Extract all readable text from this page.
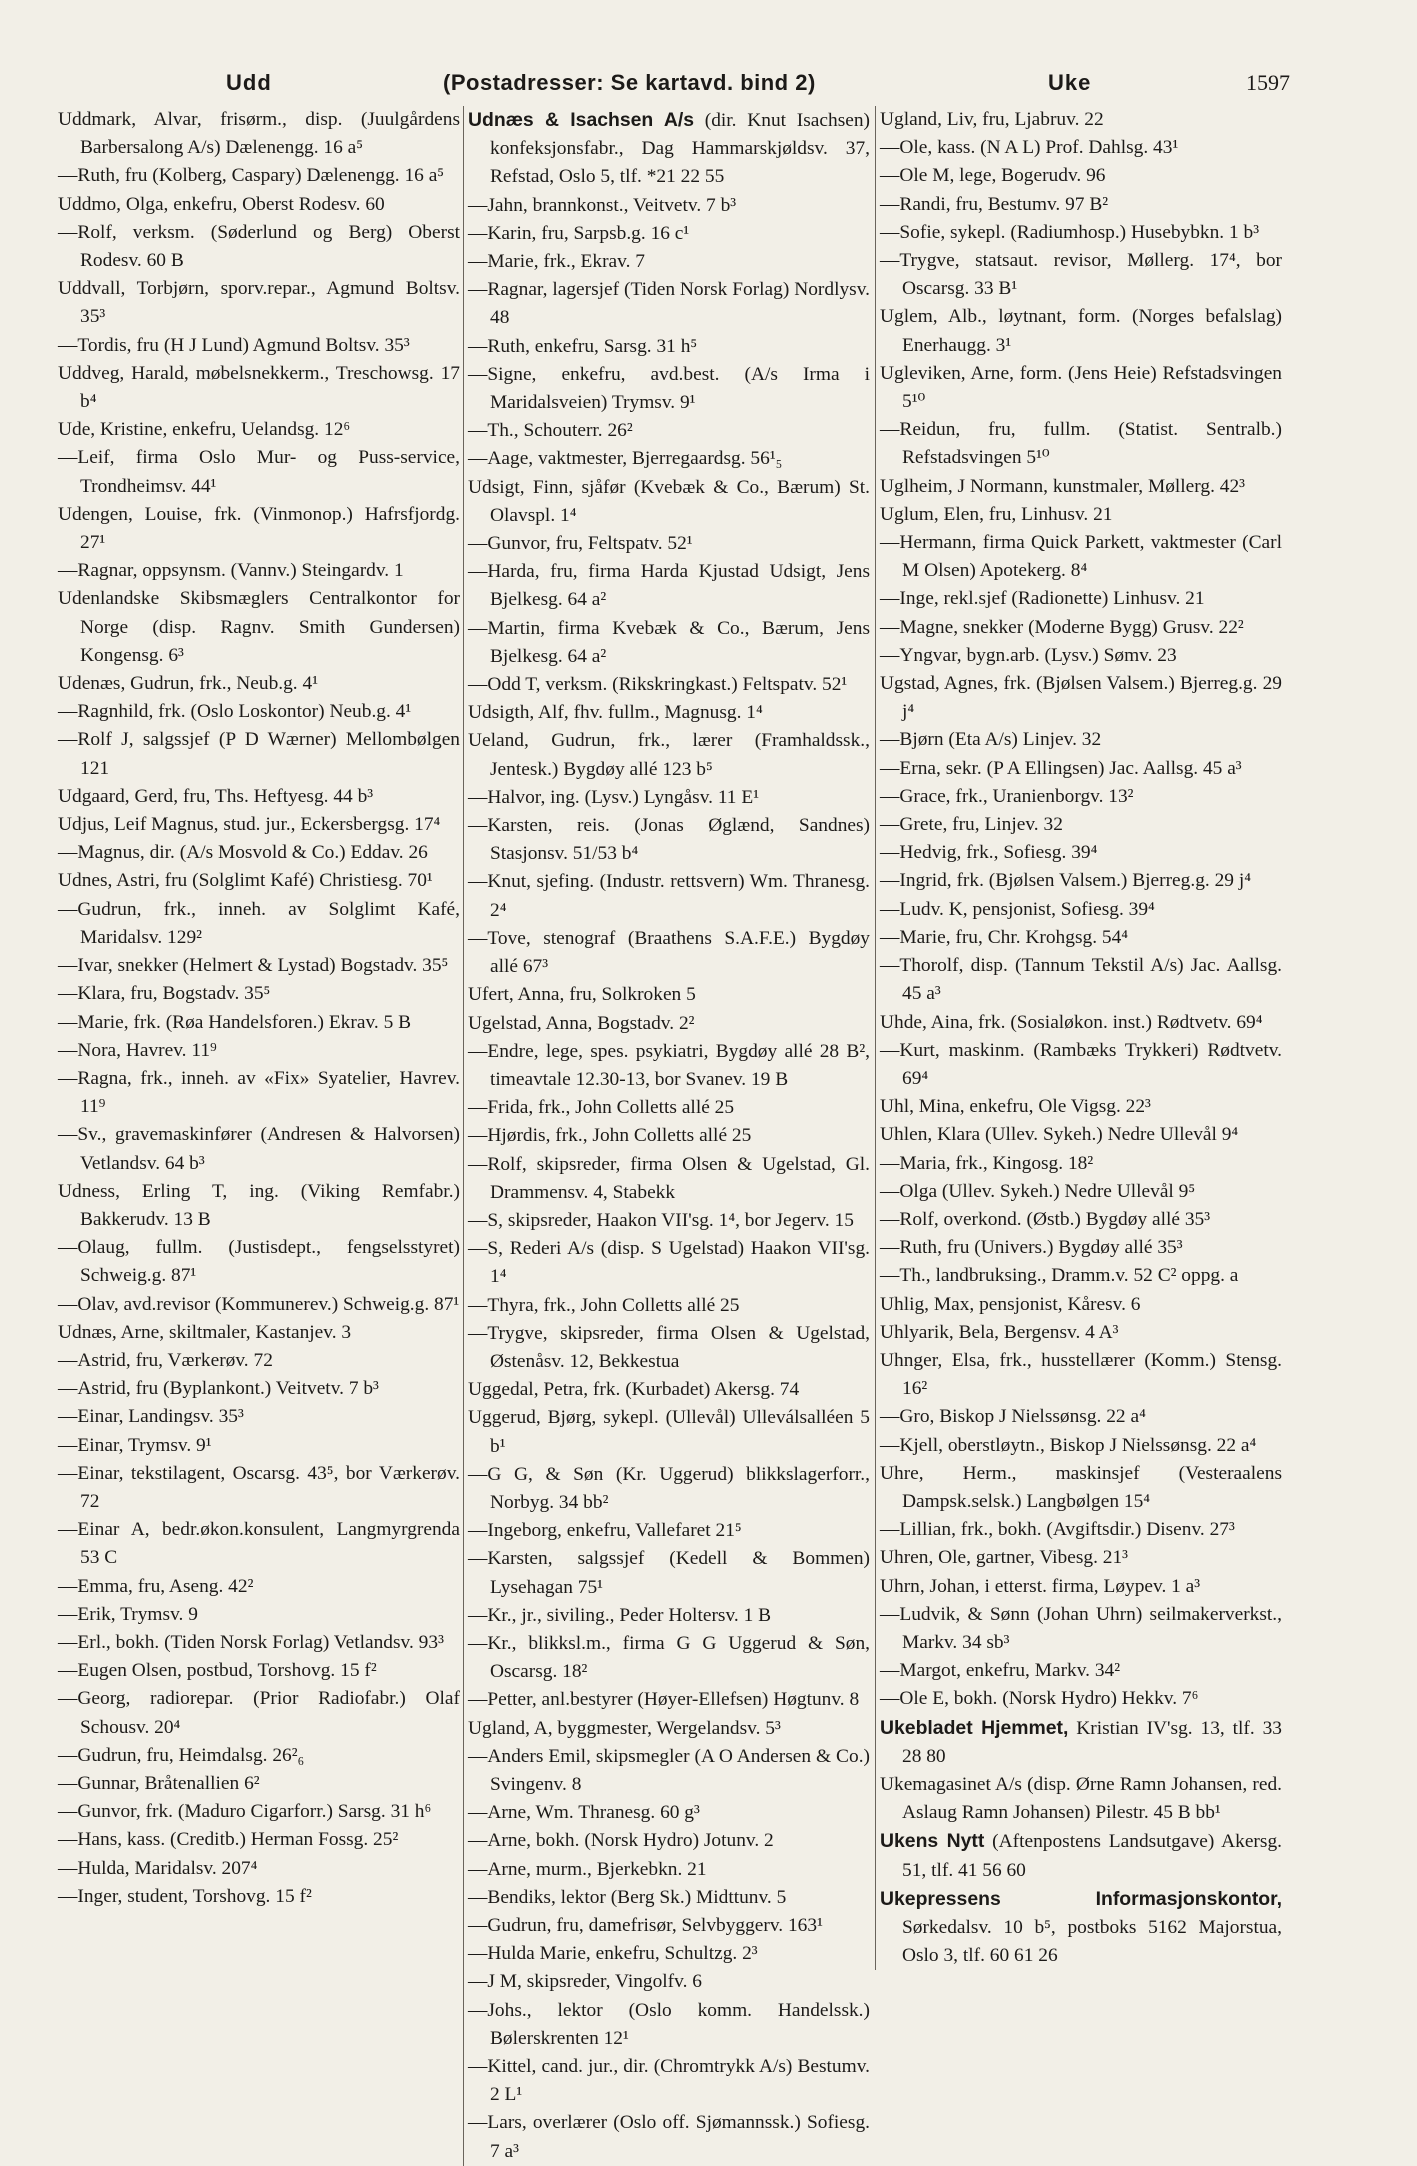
Udd	(Postadresser: Se kartavd. bind 2)	Uke	1597

Uddmark, Alvar, frisørm., disp. (Juulgårdens Barbersalong A/s) Dælenengg. 16 a⁵

—Ruth, fru (Kolberg, Caspary) Dælenengg. 16 a⁵

Uddmo, Olga, enkefru, Oberst Rodesv. 60

—Rolf, verksm. (Søderlund og Berg) Oberst Rodesv. 60 B

Uddvall, Torbjørn, sporv.repar., Agmund Boltsv. 35³

—Tordis, fru (H J Lund) Agmund Boltsv. 35³

Uddveg, Harald, møbelsnekkerm., Treschowsg. 17 b⁴

Ude, Kristine, enkefru, Uelandsg. 12⁶

—Leif, firma Oslo Mur- og Puss-service, Trondheimsv. 44¹

Udengen, Louise, frk. (Vinmonop.) Hafrsfjordg. 27¹

—Ragnar, oppsynsm. (Vannv.) Steingardv. 1

Udenlandske Skibsmæglers Centralkontor for Norge (disp. Ragnv. Smith Gundersen) Kongensg. 6³

Udenæs, Gudrun, frk., Neub.g. 4¹

—Ragnhild, frk. (Oslo Loskontor) Neub.g. 4¹

—Rolf J, salgssjef (P D Wærner) Mellombølgen 121

Udgaard, Gerd, fru, Ths. Heftyesg. 44 b³

Udjus, Leif Magnus, stud. jur., Eckersbergsg. 17⁴

—Magnus, dir. (A/s Mosvold & Co.) Eddav. 26

Udnes, Astri, fru (Solglimt Kafé) Christiesg. 70¹

—Gudrun, frk., inneh. av Solglimt Kafé, Maridalsv. 129²

—Ivar, snekker (Helmert & Lystad) Bogstadv. 35⁵

—Klara, fru, Bogstadv. 35⁵

—Marie, frk. (Røa Handelsforen.) Ekrav. 5 B

—Nora, Havrev. 11⁹

—Ragna, frk., inneh. av «Fix» Syatelier, Havrev. 11⁹

—Sv., gravemaskinfører (Andresen & Halvorsen) Vetlandsv. 64 b³

Udness, Erling T, ing. (Viking Remfabr.) Bakkerudv. 13 B

—Olaug, fullm. (Justisdept., fengselsstyret) Schweig.g. 87¹

—Olav, avd.revisor (Kommunerev.) Schweig.g. 87¹

Udnæs, Arne, skiltmaler, Kastanjev. 3

—Astrid, fru, Værkerøv. 72

—Astrid, fru (Byplankont.) Veitvetv. 7 b³

—Einar, Landingsv. 35³

—Einar, Trymsv. 9¹

—Einar, tekstilagent, Oscarsg. 43⁵, bor Værkerøv. 72

—Einar A, bedr.økon.konsulent, Langmyrgrenda 53 C

—Emma, fru, Aseng. 42²

—Erik, Trymsv. 9

—Erl., bokh. (Tiden Norsk Forlag) Vetlandsv. 93³

—Eugen Olsen, postbud, Torshovg. 15 f²

—Georg, radiorepar. (Prior Radiofabr.) Olaf Schousv. 20⁴

—Gudrun, fru, Heimdalsg. 26²₆

—Gunnar, Bråtenallien 6²

—Gunvor, frk. (Maduro Cigarforr.) Sarsg. 31 h⁶

—Hans, kass. (Creditb.) Herman Fossg. 25²

—Hulda, Maridalsv. 207⁴

—Inger, student, Torshovg. 15 f²

Udnæs & Isachsen A/s (dir. Knut Isachsen) konfeksjonsfabr., Dag Hammarskjøldsv. 37, Refstad, Oslo 5, tlf. *21 22 55

—Jahn, brannkonst., Veitvetv. 7 b³

—Karin, fru, Sarpsb.g. 16 c¹

—Marie, frk., Ekrav. 7

—Ragnar, lagersjef (Tiden Norsk Forlag) Nordlysv. 48

—Ruth, enkefru, Sarsg. 31 h⁵

—Signe, enkefru, avd.best. (A/s Irma i Maridalsveien) Trymsv. 9¹

—Th., Schouterr. 26²

—Aage, vaktmester, Bjerregaardsg. 56¹₅

Udsigt, Finn, sjåfør (Kvebæk & Co., Bærum) St. Olavspl. 1⁴

—Gunvor, fru, Feltspatv. 52¹

—Harda, fru, firma Harda Kjustad Udsigt, Jens Bjelkesg. 64 a²

—Martin, firma Kvebæk & Co., Bærum, Jens Bjelkesg. 64 a²

—Odd T, verksm. (Rikskringkast.) Feltspatv. 52¹

Udsigth, Alf, fhv. fullm., Magnusg. 1⁴

Ueland, Gudrun, frk., lærer (Framhaldssk., Jentesk.) Bygdøy allé 123 b⁵

—Halvor, ing. (Lysv.) Lyngåsv. 11 E¹

—Karsten, reis. (Jonas Øglænd, Sandnes) Stasjonsv. 51/53 b⁴

—Knut, sjefing. (Industr. rettsvern) Wm. Thranesg. 2⁴

—Tove, stenograf (Braathens S.A.F.E.) Bygdøy allé 67³

Ufert, Anna, fru, Solkroken 5

Ugelstad, Anna, Bogstadv. 2²

—Endre, lege, spes. psykiatri, Bygdøy allé 28 B², timeavtale 12.30-13, bor Svanev. 19 B

—Frida, frk., John Colletts allé 25

—Hjørdis, frk., John Colletts allé 25

—Rolf, skipsreder, firma Olsen & Ugelstad, Gl. Drammensv. 4, Stabekk

—S, skipsreder, Haakon VII'sg. 1⁴, bor Jegerv. 15

—S, Rederi A/s (disp. S Ugelstad) Haakon VII'sg. 1⁴

—Thyra, frk., John Colletts allé 25

—Trygve, skipsreder, firma Olsen & Ugelstad, Østenåsv. 12, Bekkestua

Uggedal, Petra, frk. (Kurbadet) Akersg. 74

Uggerud, Bjørg, sykepl. (Ullevål) Ulleválsalléen 5 b¹

—G G, & Søn (Kr. Uggerud) blikkslagerforr., Norbyg. 34 bb²

—Ingeborg, enkefru, Vallefaret 21⁵

—Karsten, salgssjef (Kedell & Bommen) Lysehagan 75¹

—Kr., jr., siviling., Peder Holtersv. 1 B

—Kr., blikksl.m., firma G G Uggerud & Søn, Oscarsg. 18²

—Petter, anl.bestyrer (Høyer-Ellefsen) Høgtunv. 8

Ugland, A, byggmester, Wergelandsv. 5³

—Anders Emil, skipsmegler (A O Andersen & Co.) Svingenv. 8

—Arne, Wm. Thranesg. 60 g³

—Arne, bokh. (Norsk Hydro) Jotunv. 2

—Arne, murm., Bjerkebkn. 21

—Bendiks, lektor (Berg Sk.) Midttunv. 5

—Gudrun, fru, damefrisør, Selvbyggerv. 163¹

—Hulda Marie, enkefru, Schultzg. 2³

—J M, skipsreder, Vingolfv. 6

—Johs., lektor (Oslo komm. Handelssk.) Bølerskrenten 12¹

—Kittel, cand. jur., dir. (Chromtrykk A/s) Bestumv. 2 L¹

—Lars, overlærer (Oslo off. Sjømannssk.) Sofiesg. 7 a³

Ugland, Liv, fru, Ljabruv. 22

—Ole, kass. (N A L) Prof. Dahlsg. 43¹

—Ole M, lege, Bogerudv. 96

—Randi, fru, Bestumv. 97 B²

—Sofie, sykepl. (Radiumhosp.) Husebybkn. 1 b³

—Trygve, statsaut. revisor, Møllerg. 17⁴, bor Oscarsg. 33 B¹

Uglem, Alb., løytnant, form. (Norges befalslag) Enerhaugg. 3¹

Ugleviken, Arne, form. (Jens Heie) Refstadsvingen 5¹⁰

—Reidun, fru, fullm. (Statist. Sentralb.) Refstadsvingen 5¹⁰

Uglheim, J Normann, kunstmaler, Møllerg. 42³

Uglum, Elen, fru, Linhusv. 21

—Hermann, firma Quick Parkett, vaktmester (Carl M Olsen) Apotekerg. 8⁴

—Inge, rekl.sjef (Radionette) Linhusv. 21

—Magne, snekker (Moderne Bygg) Grusv. 22²

—Yngvar, bygn.arb. (Lysv.) Sømv. 23

Ugstad, Agnes, frk. (Bjølsen Valsem.) Bjerreg.g. 29 j⁴

—Bjørn (Eta A/s) Linjev. 32

—Erna, sekr. (P A Ellingsen) Jac. Aallsg. 45 a³

—Grace, frk., Uranienborgv. 13²

—Grete, fru, Linjev. 32

—Hedvig, frk., Sofiesg. 39⁴

—Ingrid, frk. (Bjølsen Valsem.) Bjerreg.g. 29 j⁴

—Ludv. K, pensjonist, Sofiesg. 39⁴

—Marie, fru, Chr. Krohgsg. 54⁴

—Thorolf, disp. (Tannum Tekstil A/s) Jac. Aallsg. 45 a³

Uhde, Aina, frk. (Sosialøkon. inst.) Rødtvetv. 69⁴

—Kurt, maskinm. (Rambæks Trykkeri) Rødtvetv. 69⁴

Uhl, Mina, enkefru, Ole Vigsg. 22³

Uhlen, Klara (Ullev. Sykeh.) Nedre Ullevål 9⁴

—Maria, frk., Kingosg. 18²

—Olga (Ullev. Sykeh.) Nedre Ullevål 9⁵

—Rolf, overkond. (Østb.) Bygdøy allé 35³

—Ruth, fru (Univers.) Bygdøy allé 35³

—Th., landbruksing., Dramm.v. 52 C² oppg. a

Uhlig, Max, pensjonist, Kåresv. 6

Uhlyarik, Bela, Bergensv. 4 A³

Uhnger, Elsa, frk., husstellærer (Komm.) Stensg. 16²

—Gro, Biskop J Nielssønsg. 22 a⁴

—Kjell, oberstløytn., Biskop J Nielssønsg. 22 a⁴

Uhre, Herm., maskinsjef (Vesteraalens Dampsk.selsk.) Langbølgen 15⁴

—Lillian, frk., bokh. (Avgiftsdir.) Disenv. 27³

Uhren, Ole, gartner, Vibesg. 21³

Uhrn, Johan, i etterst. firma, Løypev. 1 a³

—Ludvik, & Sønn (Johan Uhrn) seilmakerverkst., Markv. 34 sb³

—Margot, enkefru, Markv. 34²

—Ole E, bokh. (Norsk Hydro) Hekkv. 7⁶

Ukebladet Hjemmet, Kristian IV'sg. 13, tlf. 33 28 80

Ukemagasinet A/s (disp. Ørne Ramn Johansen, red. Aslaug Ramn Johansen) Pilestr. 45 B bb¹

Ukens Nytt (Aftenpostens Landsutgave) Akersg. 51, tlf. 41 56 60

Ukepressens Informasjonskontor, Sørkedalsv. 10 b⁵, postboks 5162 Majorstua, Oslo 3, tlf. 60 61 26
